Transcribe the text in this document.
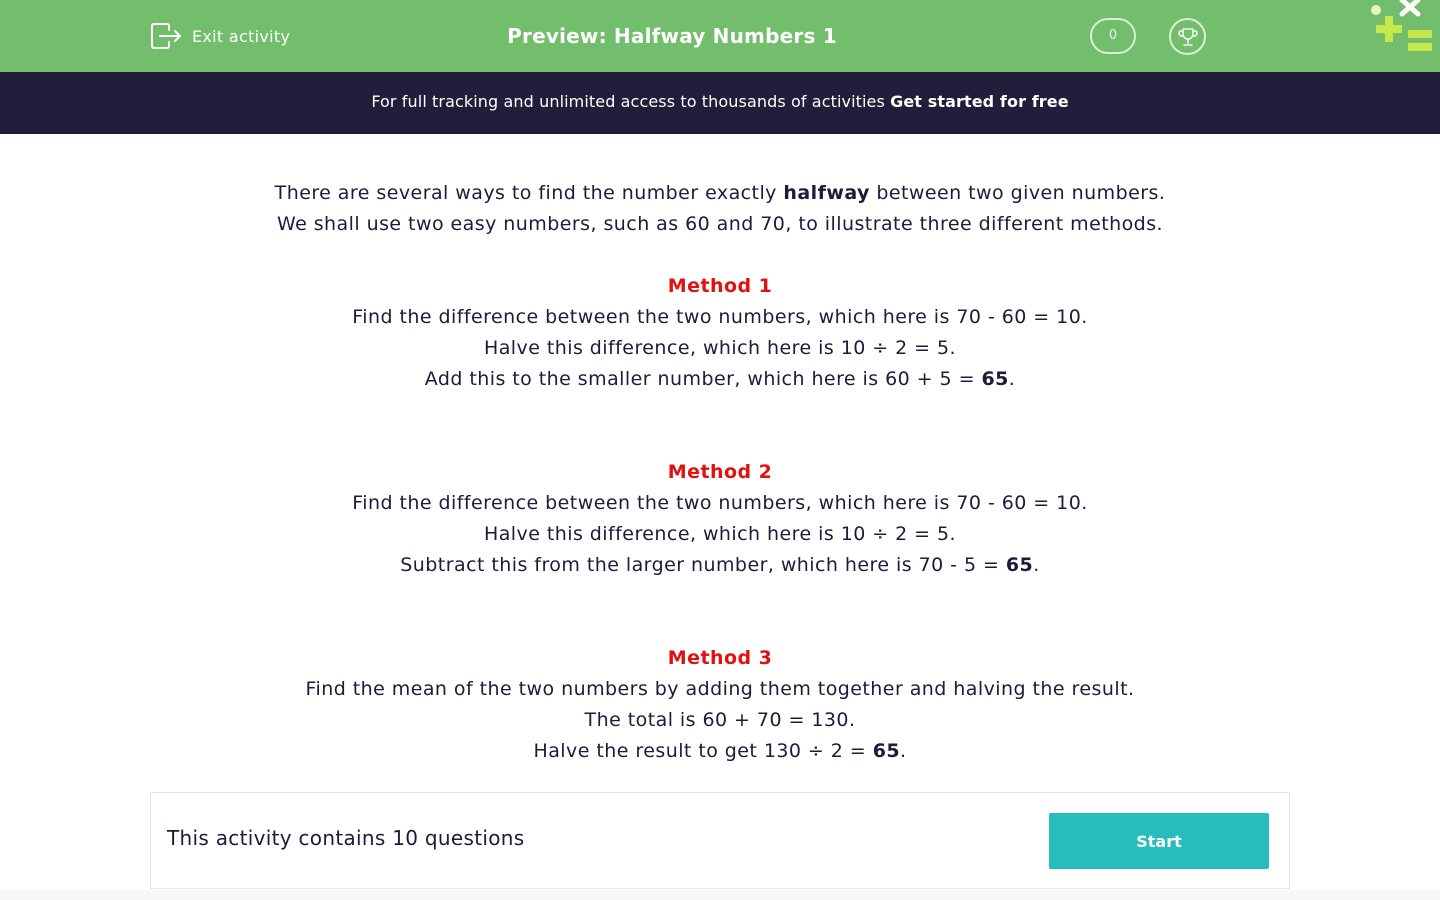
Exit activity	Preview: Halfway Numbers 1	0
For full tracking and unlimited access to thousands of activities Get started for free
There are several ways to find the number exactly halfway between two given numbers.
We shall use two easy numbers, such as 60 and 70, to illustrate three different methods.
Method 1
Find the difference between the two numbers, which here is 70 - 60 = 10.
Halve this difference, which here is 10 ÷ 2 = 5.
Add this to the smaller number, which here is 60 + 5 = 65.
Method 2
Find the difference between the two numbers, which here is 70 - 60 = 10.
Halve this difference, which here is 10 ÷ 2 = 5.
Subtract this from the larger number, which here is 70 - 5 = 65.
Method 3
Find the mean of the two numbers by adding them together and halving the result.
The total is 60 + 70 = 130.
Halve the result to get 130 ÷ 2 = 65.
This activity contains 10 questions	Start
